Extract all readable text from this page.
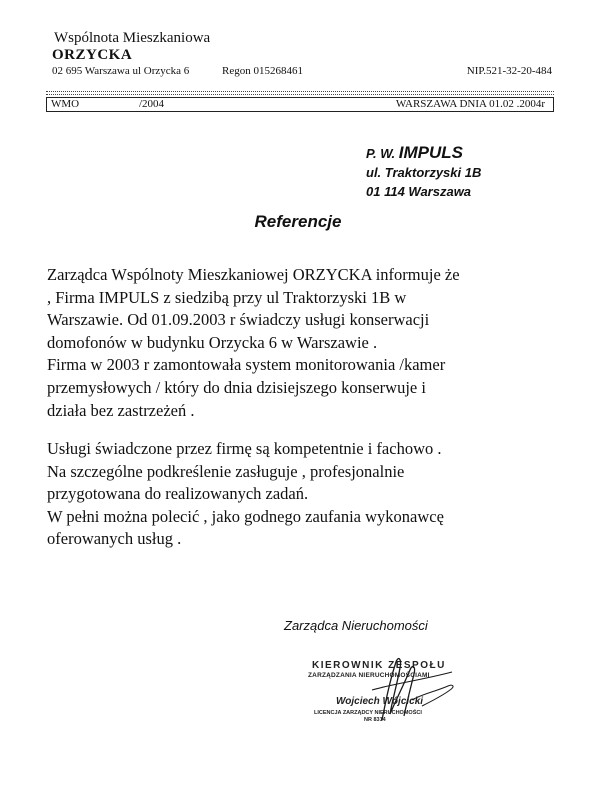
Wspólnota Mieszkaniowa
ORZYCKA
02 695 Warszawa ul Orzycka 6	Regon 015268461	NIP.521-32-20-484
WMO	/2004	WARSZAWA DNIA 01.02 .2004r
P. W. IMPULS
ul. Traktorzyski 1B
01 114 Warszawa
Referencje
Zarządca Wspólnoty Mieszkaniowej ORZYCKA informuje że
, Firma IMPULS z siedzibą przy ul Traktorzyski 1B w
Warszawie. Od 01.09.2003 r świadczy usługi konserwacji
domofonów w budynku Orzycka 6 w Warszawie .
Firma w 2003 r zamontowała system monitorowania /kamer
przemysłowych / który do dnia dzisiejszego konserwuje i
działa bez zastrzeżeń .
Usługi świadczone przez firmę są kompetentnie i fachowo .
Na szczególne podkreślenie zasługuje , profesjonalnie
przygotowana do realizowanych zadań.
W pełni można polecić , jako godnego zaufania wykonawcę
oferowanych usług .
Zarządca Nieruchomości
KIEROWNIK ZESPOŁU
ZARZĄDZANIA NIERUCHOMOŚCIAMI
Wojciech Wójcicki
LICENCJA ZARZĄDCY NIERUCHOMOŚCI
NR 8314
